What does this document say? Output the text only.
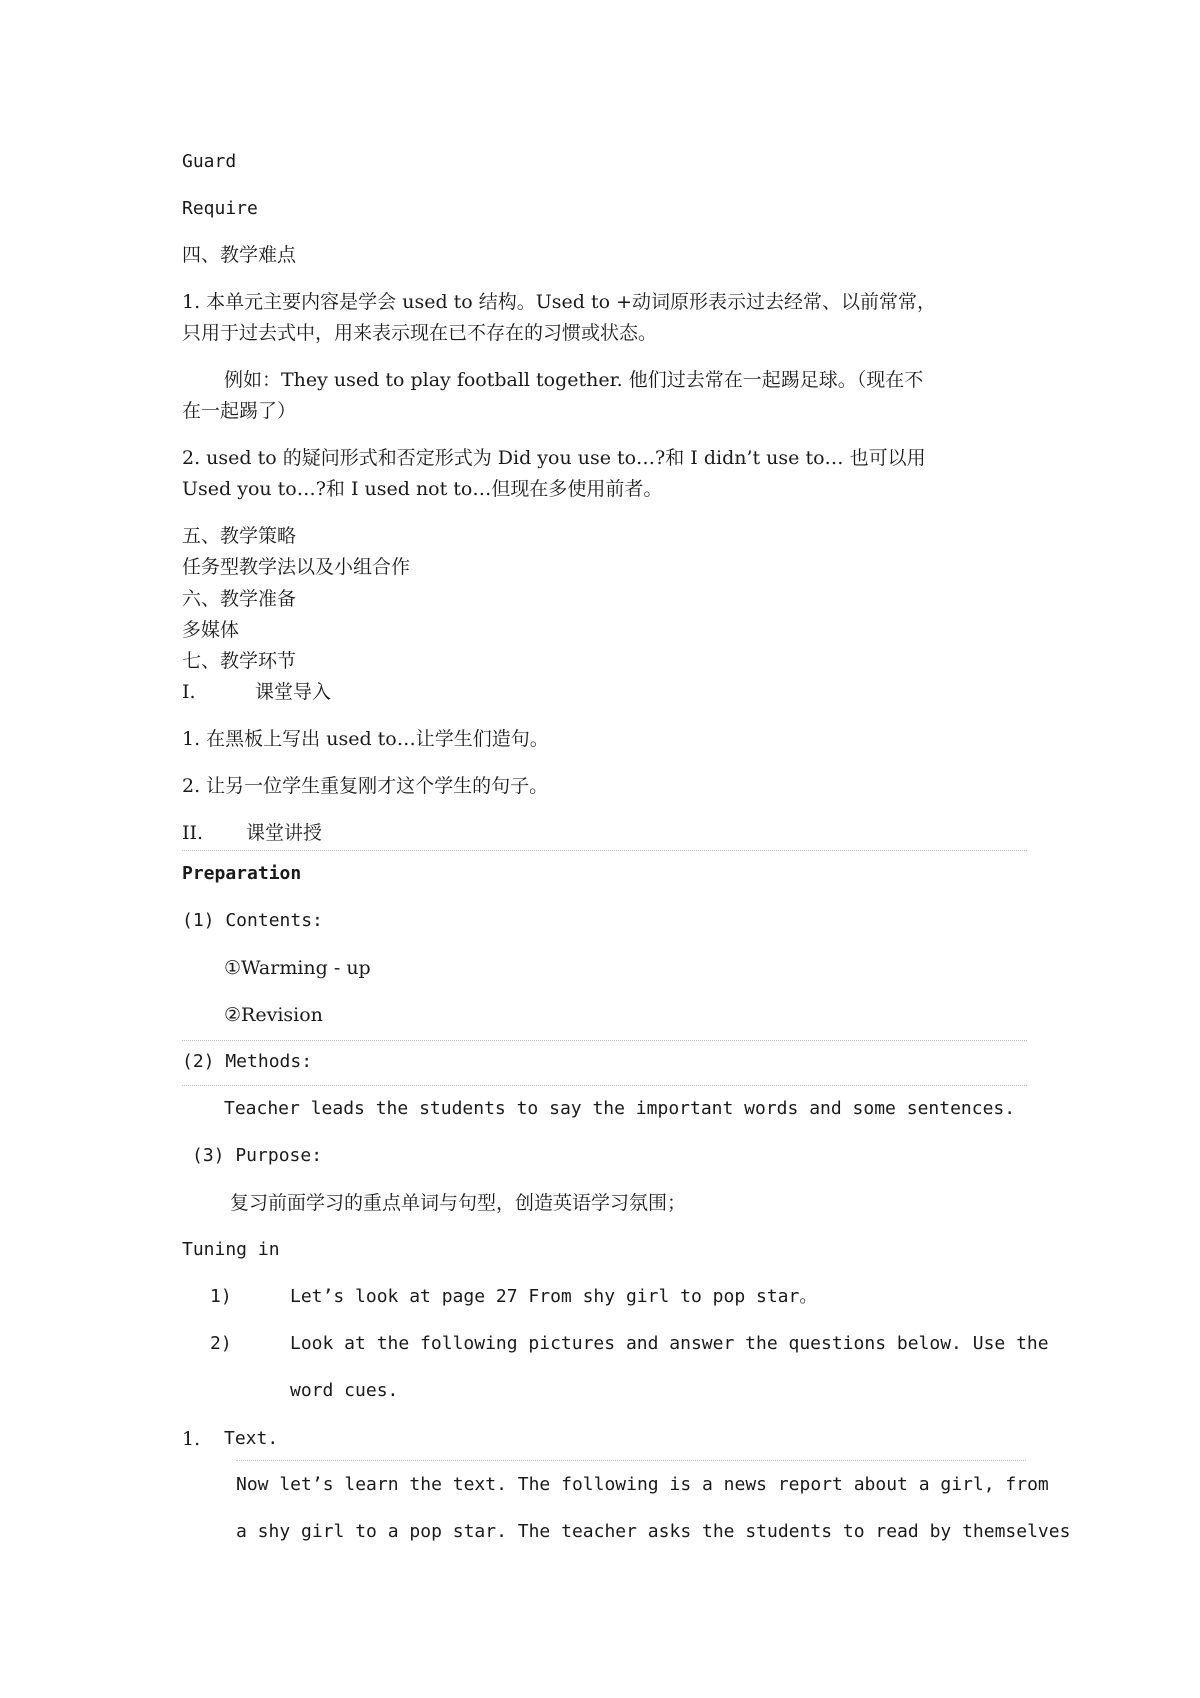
Guard
Require
四、教学难点
1. 本单元主要内容是学会 used to 结构。Used to +动词原形表示过去经常、以前常常，
只用于过去式中，用来表示现在已不存在的习惯或状态。
例如：They used to play football together. 他们过去常在一起踢足球。（现在不
在一起踢了）
2. used to 的疑问形式和否定形式为 Did you use to…?和 I didn’t use to… 也可以用
Used you to…?和 I used not to…但现在多使用前者。
五、教学策略
任务型教学法以及小组合作
六、教学准备
多媒体
七、教学环节
I.	课堂导入
1. 在黑板上写出 used to…让学生们造句。
2. 让另一位学生重复刚才这个学生的句子。
II. 课堂讲授
Preparation
(1) Contents:
①Warming - up
②Revision
(2) Methods:
Teacher leads the students to say the important words and some sentences.
(3) Purpose:
复习前面学习的重点单词与句型，创造英语学习氛围；
Tuning in
1)	Let’s look at page 27 From shy girl to pop star。
2)	Look at the following pictures and answer the questions below. Use the
word cues.
1. Text.
Now let’s learn the text. The following is a news report about a girl, from
a shy girl to a pop star. The teacher asks the students to read by themselves
